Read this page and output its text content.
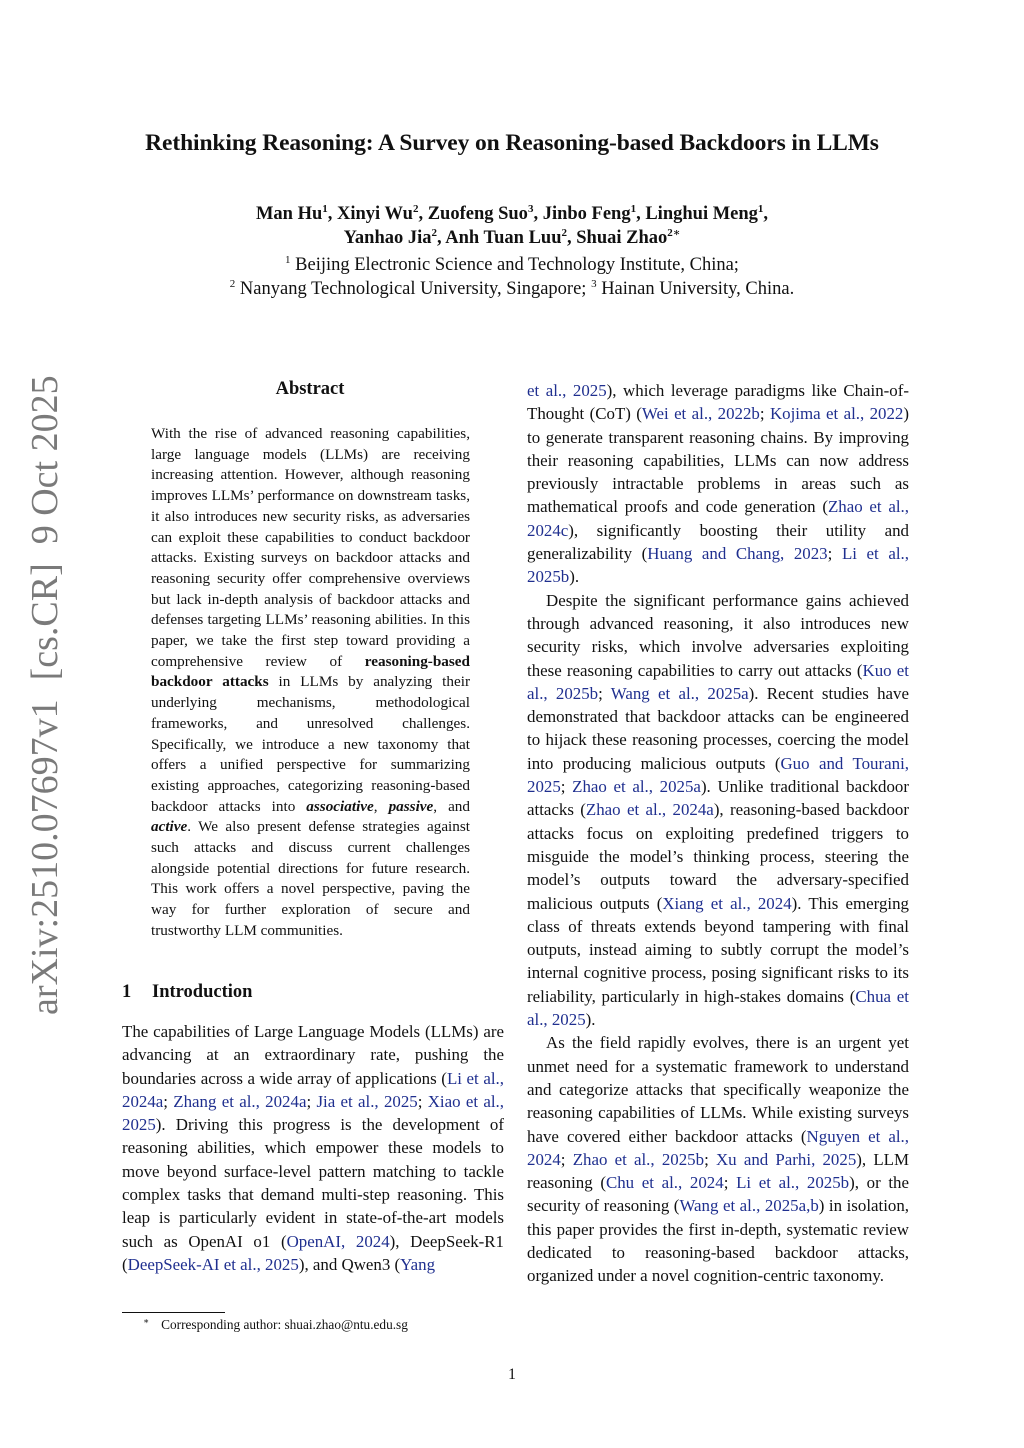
Rethinking Reasoning: A Survey on Reasoning-based Backdoors in LLMs
Man Hu$^1$, Xinyi Wu$^2$, Zuofeng Suo$^3$, Jinbo Feng$^1$, Linghui Meng$^1$,
Yanhao Jia$^2$, Anh Tuan Luu$^2$, Shuai Zhao$^{2∗}$
$^1$ Beijing Electronic Science and Technology Institute, China;
$^2$ Nanyang Technological University, Singapore; $^3$ Hainan University, China.
arXiv:2510.07697v1  [cs.CR]  9 Oct 2025	Abstract
With the rise of advanced reasoning capabilities, large language models (LLMs) are receiving increasing attention. However, although reasoning improves LLMs’ performance on downstream tasks, it also introduces new security risks, as adversaries can exploit these capabilities to conduct backdoor attacks. Existing surveys on backdoor attacks and reasoning security offer comprehensive overviews but lack in-depth analysis of backdoor attacks and defenses targeting LLMs’ reasoning abilities. In this paper, we take the first step toward providing a comprehensive review of reasoning-based backdoor attacks in LLMs by analyzing their underlying mechanisms, methodological frameworks, and unresolved challenges. Specifically, we introduce a new taxonomy that offers a unified perspective for summarizing existing approaches, categorizing reasoning-based backdoor attacks into associative, passive, and active. We also present defense strategies against such attacks and discuss current challenges alongside potential directions for future research. This work offers a novel perspective, paving the way for further exploration of secure and trustworthy LLM communities.
1 Introduction
The capabilities of Large Language Models (LLMs) are advancing at an extraordinary rate, pushing the boundaries across a wide array of applications (Li et al., 2024a; Zhang et al., 2024a; Jia et al., 2025; Xiao et al., 2025). Driving this progress is the development of reasoning abilities, which empower these models to move beyond surface-level pattern matching to tackle complex tasks that demand multi-step reasoning. This leap is particularly evident in state-of-the-art models such as OpenAI o1 (OpenAI, 2024), DeepSeek-R1 (DeepSeek-AI et al., 2025), and Qwen3 (Yang

et al., 2025), which leverage paradigms like Chain-of-Thought (CoT) (Wei et al., 2022b; Kojima et al., 2022) to generate transparent reasoning chains. By improving their reasoning capabilities, LLMs can now address previously intractable problems in areas such as mathematical proofs and code generation (Zhao et al., 2024c), significantly boosting their utility and generalizability (Huang and Chang, 2023; Li et al., 2025b).

Despite the significant performance gains achieved through advanced reasoning, it also introduces new security risks, which involve adversaries exploiting these reasoning capabilities to carry out attacks (Kuo et al., 2025b; Wang et al., 2025a). Recent studies have demonstrated that backdoor attacks can be engineered to hijack these reasoning processes, coercing the model into producing malicious outputs (Guo and Tourani, 2025; Zhao et al., 2025a). Unlike traditional backdoor attacks (Zhao et al., 2024a), reasoning-based backdoor attacks focus on exploiting predefined triggers to misguide the model’s thinking process, steering the model’s outputs toward the adversary-specified malicious outputs (Xiang et al., 2024). This emerging class of threats extends beyond tampering with final outputs, instead aiming to subtly corrupt the model’s internal cognitive process, posing significant risks to its reliability, particularly in high-stakes domains (Chua et al., 2025).

As the field rapidly evolves, there is an urgent yet unmet need for a systematic framework to understand and categorize attacks that specifically weaponize the reasoning capabilities of LLMs. While existing surveys have covered either backdoor attacks (Nguyen et al., 2024; Zhao et al., 2025b; Xu and Parhi, 2025), LLM reasoning (Chu et al., 2024; Li et al., 2025b), or the security of reasoning (Wang et al., 2025a,b) in isolation, this paper provides the first in-depth, systematic review dedicated to reasoning-based backdoor attacks, organized under a novel cognition-centric taxonomy.

∗ Corresponding author: shuai.zhao@ntu.edu.sg
1
